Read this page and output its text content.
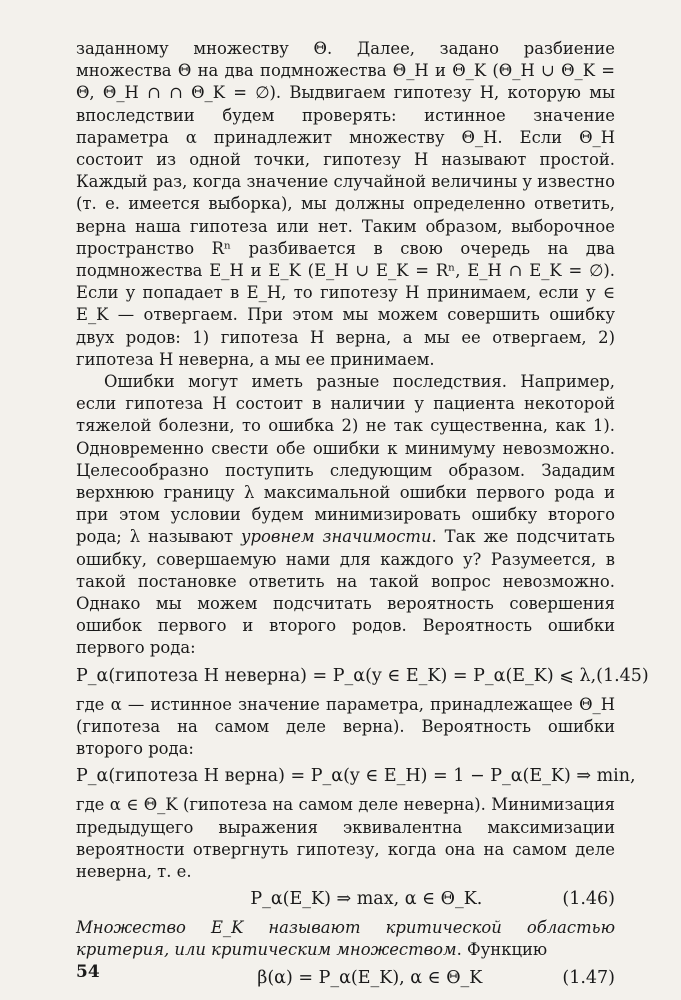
заданному множеству Θ. Далее, задано разбиение множества Θ на два подмножества Θ_H и Θ_K (Θ_H ∪ Θ_K = Θ, Θ_H ∩ ∩ Θ_K = ∅). Выдвигаем гипотезу H, которую мы впоследствии будем проверять: истинное значение параметра α принадлежит множеству Θ_H. Если Θ_H состоит из одной точки, гипотезу H называют простой. Каждый раз, когда значение случайной величины y известно (т. е. имеется выборка), мы должны определенно ответить, верна наша гипотеза или нет. Таким образом, выборочное пространство Rⁿ разбивается в свою очередь на два подмножества E_H и E_K (E_H ∪ E_K = Rⁿ, E_H ∩ E_K = ∅). Если y попадает в E_H, то гипотезу H принимаем, если y ∈ E_K — отвергаем. При этом мы можем совершить ошибку двух родов: 1) гипотеза H верна, а мы ее отвергаем, 2) гипотеза H неверна, а мы ее принимаем.

Ошибки могут иметь разные последствия. Например, если гипотеза H состоит в наличии у пациента некоторой тяжелой болезни, то ошибка 2) не так существенна, как 1). Одновременно свести обе ошибки к минимуму невозможно. Целесообразно поступить следующим образом. Зададим верхнюю границу λ максимальной ошибки первого рода и при этом условии будем минимизировать ошибку второго рода; λ называют уровнем значимости. Так же подсчитать ошибку, совершаемую нами для каждого y? Разумеется, в такой постановке ответить на такой вопрос невозможно. Однако мы можем подсчитать вероятность совершения ошибок первого и второго родов. Вероятность ошибки первого рода:

P_α(гипотеза H неверна) = P_α(y ∈ E_K) = P_α(E_K) ⩽ λ, (1.45)

где α — истинное значение параметра, принадлежащее Θ_H (гипотеза на самом деле верна). Вероятность ошибки второго рода:

P_α(гипотеза H верна) = P_α(y ∈ E_H) = 1 − P_α(E_K) ⇒ min,

где α ∈ Θ_K (гипотеза на самом деле неверна). Минимизация предыдущего выражения эквивалентна максимизации вероятности отвергнуть гипотезу, когда она на самом деле неверна, т. е.

P_α(E_K) ⇒ max, α ∈ Θ_K.	(1.46)

Множество E_K называют критической областью критерия, или критическим множеством. Функцию

β(α) = P_α(E_K), α ∈ Θ_K	(1.47)
54
